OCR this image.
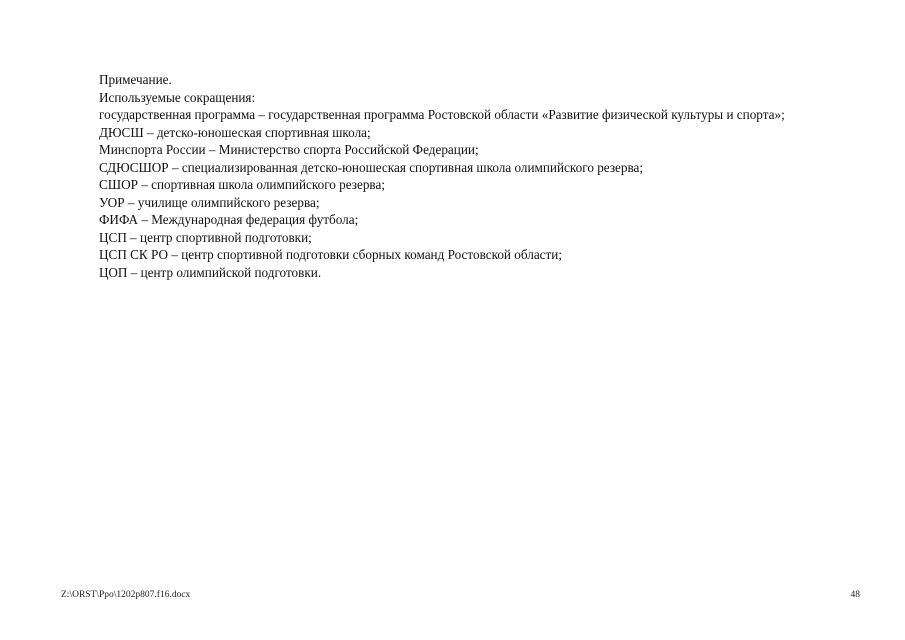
Примечание.

Используемые сокращения:

государственная программа – государственная программа Ростовской области «Развитие физической культуры и спорта»;

ДЮСШ – детско-юношеская спортивная школа;

Минспорта России – Министерство спорта Российской Федерации;

СДЮСШОР – специализированная детско-юношеская спортивная школа олимпийского резерва;

СШОР – спортивная школа олимпийского резерва;

УОР – училище олимпийского резерва;

ФИФА – Международная федерация футбола;

ЦСП – центр спортивной подготовки;

ЦСП СК РО – центр спортивной подготовки сборных команд Ростовской области;

ЦОП – центр олимпийской подготовки.

Z:\ORST\Ppo\1202p807.f16.docx	48
